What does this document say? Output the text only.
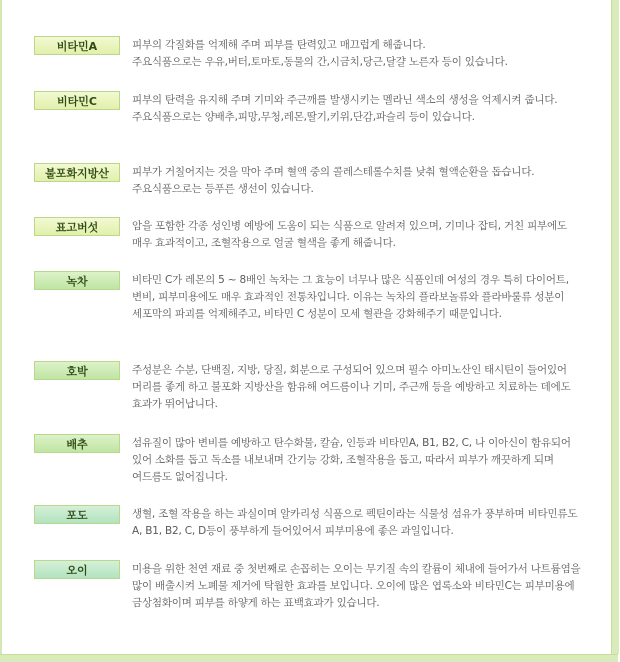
비타민A	피부의 각질화를 억제해 주며 피부를 탄력있고 매끄럽게 해줍니다.

주요식품으로는 우유,버터,토마토,동물의 간,시금치,당근,달걀 노른자 등이 있습니다.

비타민C	피부의 탄력을 유지해 주며 기미와 주근깨를 발생시키는 멜라닌 색소의 생성을 억제시켜 줍니다.

주요식품으로는 양배추,피망,무청,레몬,딸기,키위,단감,파슬리 등이 있습니다.

불포화지방산	피부가 거칠어지는 것을 막아 주며 혈액 중의 콜레스테롤수치를 낮춰 혈액순환을 돕습니다. 주요식품으로는 등푸른 생선이 있습니다.

표고버섯	암을 포함한 각종 성인병 예방에 도움이 되는 식품으로 알려져 있으며, 기미나 잡티, 거친 피부에도 매우 효과적이고, 조혈작용으로 얼굴 혈색을 좋게 해줍니다.

녹차	비타민 C가 레몬의 5 ~ 8배인 녹차는 그 효능이 너무나 많은 식품인데 여성의 경우 특히 다이어트, 변비, 피부미용에도 매우 효과적인 전통차입니다. 이유는 녹차의 플라보놀류와 플라바룰류 성분이 세포막의 파괴를 억제해주고, 비타민 C 성분이 모세 혈관을 강화해주기 때문입니다.

호박	주성분은 수분, 단백질, 지방, 당질, 회분으로 구성되어 있으며 필수 아미노산인 태시틴이 들어있어 머리를 좋게 하고 불포화 지방산을 함유해 여드름이나 기미, 주근깨 등을 예방하고 치료하는 데에도 효과가 뛰어납니다.

배추	섬유질이 많아 변비를 예방하고 탄수화물, 칼슘, 인등과 비타민A, B1, B2, C, 나 이아신이 함유되어 있어 소화를 돕고 독소를 내보내며 간기능 강화, 조혈작용을 돕고, 따라서 피부가 깨끗하게 되며 여드름도 없어집니다.

포도	생혈, 조혈 작용을 하는 과실이며 알카리성 식품으로 펙틴이라는 식물성 섬유가 풍부하며 비타민류도 A, B1, B2, C, D등이 풍부하게 들어있어서 피부미용에 좋은 과일입니다.

오이	미용을 위한 천연 재료 중 첫번째로 손꼽히는 오이는 무기질 속의 칼륨이 체내에 들어가서 나트륨염을 많이 배출시켜 노폐물 제거에 탁월한 효과를 보입니다. 오이에 많은 엽록소와 비타민C는 피부미용에 금상첨화이며 피부를 하얗게 하는 표백효과가 있습니다.
